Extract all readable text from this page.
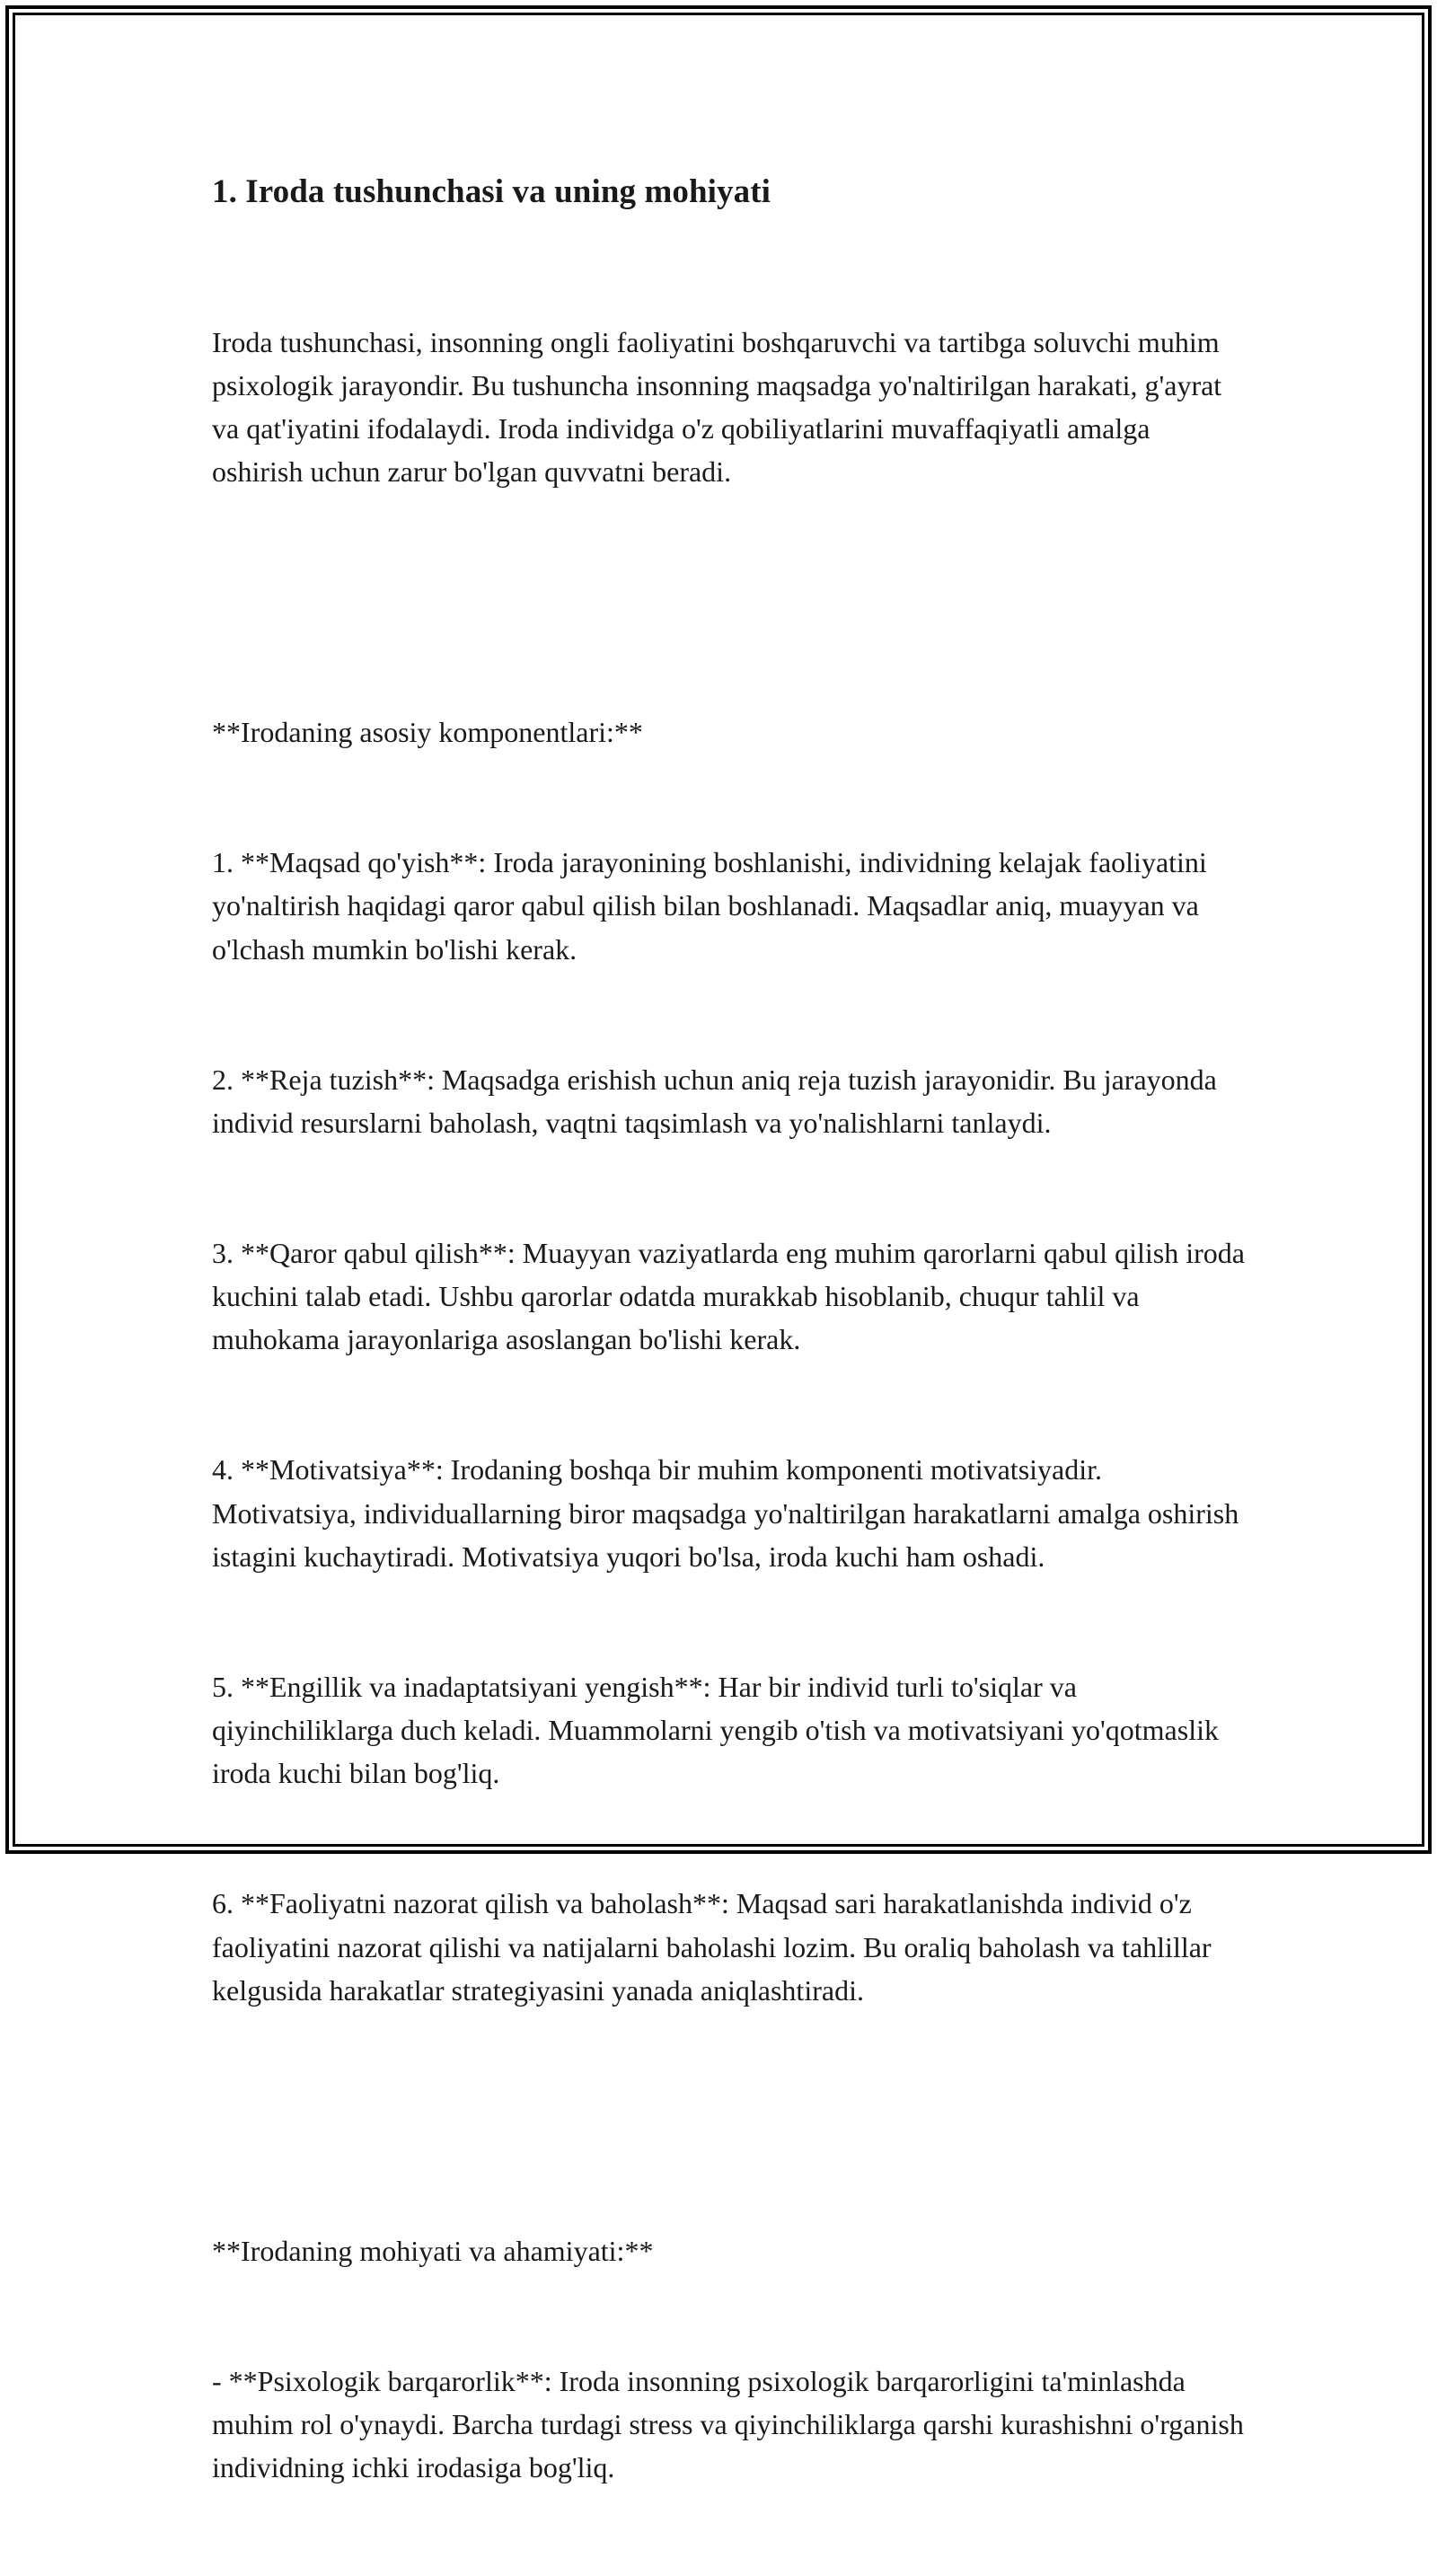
1. Iroda tushunchasi va uning mohiyati

Iroda tushunchasi, insonning ongli faoliyatini boshqaruvchi va tartibga soluvchi muhim psixologik jarayondir. Bu tushuncha insonning maqsadga yo'naltirilgan harakati, g'ayrat va qat'iyatini ifodalaydi. Iroda individga o'z qobiliyatlarini muvaffaqiyatli amalga oshirish uchun zarur bo'lgan quvvatni beradi.

**Irodaning asosiy komponentlari:**

1. **Maqsad qo'yish**: Iroda jarayonining boshlanishi, individning kelajak faoliyatini yo'naltirish haqidagi qaror qabul qilish bilan boshlanadi. Maqsadlar aniq, muayyan va o'lchash mumkin bo'lishi kerak.

2. **Reja tuzish**: Maqsadga erishish uchun aniq reja tuzish jarayonidir. Bu jarayonda individ resurslarni baholash, vaqtni taqsimlash va yo'nalishlarni tanlaydi.

3. **Qaror qabul qilish**: Muayyan vaziyatlarda eng muhim qarorlarni qabul qilish iroda kuchini talab etadi. Ushbu qarorlar odatda murakkab hisoblanib, chuqur tahlil va muhokama jarayonlariga asoslangan bo'lishi kerak.

4. **Motivatsiya**: Irodaning boshqa bir muhim komponenti motivatsiyadir. Motivatsiya, individuallarning biror maqsadga yo'naltirilgan harakatlarni amalga oshirish istagini kuchaytiradi. Motivatsiya yuqori bo'lsa, iroda kuchi ham oshadi.

5. **Engillik va inadaptatsiyani yengish**: Har bir individ turli to'siqlar va qiyinchiliklarga duch keladi. Muammolarni yengib o'tish va motivatsiyani yo'qotmaslik iroda kuchi bilan bog'liq.

6. **Faoliyatni nazorat qilish va baholash**: Maqsad sari harakatlanishda individ o'z faoliyatini nazorat qilishi va natijalarni baholashi lozim. Bu oraliq baholash va tahlillar kelgusida harakatlar strategiyasini yanada aniqlashtiradi.

**Irodaning mohiyati va ahamiyati:**

- **Psixologik barqarorlik**: Iroda insonning psixologik barqarorligini ta'minlashda muhim rol o'ynaydi. Barcha turdagi stress va qiyinchiliklarga qarshi kurashishni o'rganish individning ichki irodasiga bog'liq.
